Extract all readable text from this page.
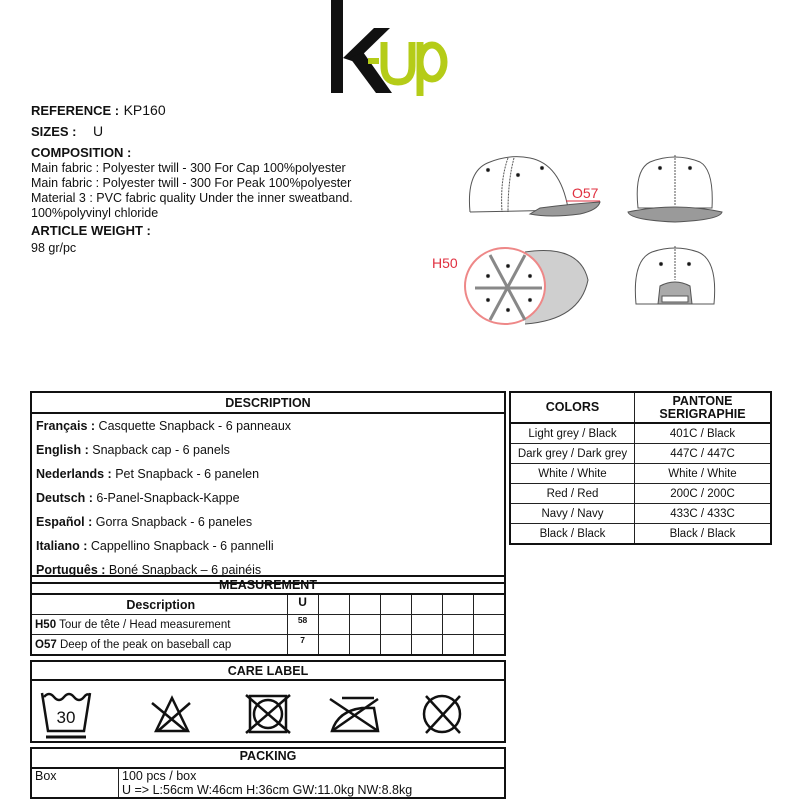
REFERENCE : KP160
SIZES : U
COMPOSITION :
Main fabric : Polyester twill - 300 For Cap 100%polyester
Main fabric : Polyester twill - 300 For Peak 100%polyester
Material 3 : PVC fabric quality Under the inner sweatband.
100%polyvinyl chloride
ARTICLE WEIGHT :
98 gr/pc
O57
H50
DESCRIPTION
Français : Casquette Snapback - 6 panneaux
English : Snapback cap - 6 panels
Nederlands : Pet Snapback - 6 panelen
Deutsch : 6-Panel-Snapback-Kappe
Español : Gorra Snapback - 6 paneles
Italiano : Cappellino Snapback - 6 pannelli
Português : Boné Snapback – 6 painéis
COLORS	PANTONE SERIGRAPHIE
Light grey / Black	401C / Black
Dark grey / Dark grey	447C / 447C
White / White	White / White
Red / Red	200C / 200C
Navy / Navy	433C / 433C
Black / Black	Black / Black
MEASUREMENT							
Description	U						
H50 Tour de tête / Head measurement	58						
O57 Deep of the peak on baseball cap	7						
CARE LABEL

30
PACKING
Box	100 pcs / box
U => L:56cm W:46cm H:36cm GW:11.0kg NW:8.8kg
